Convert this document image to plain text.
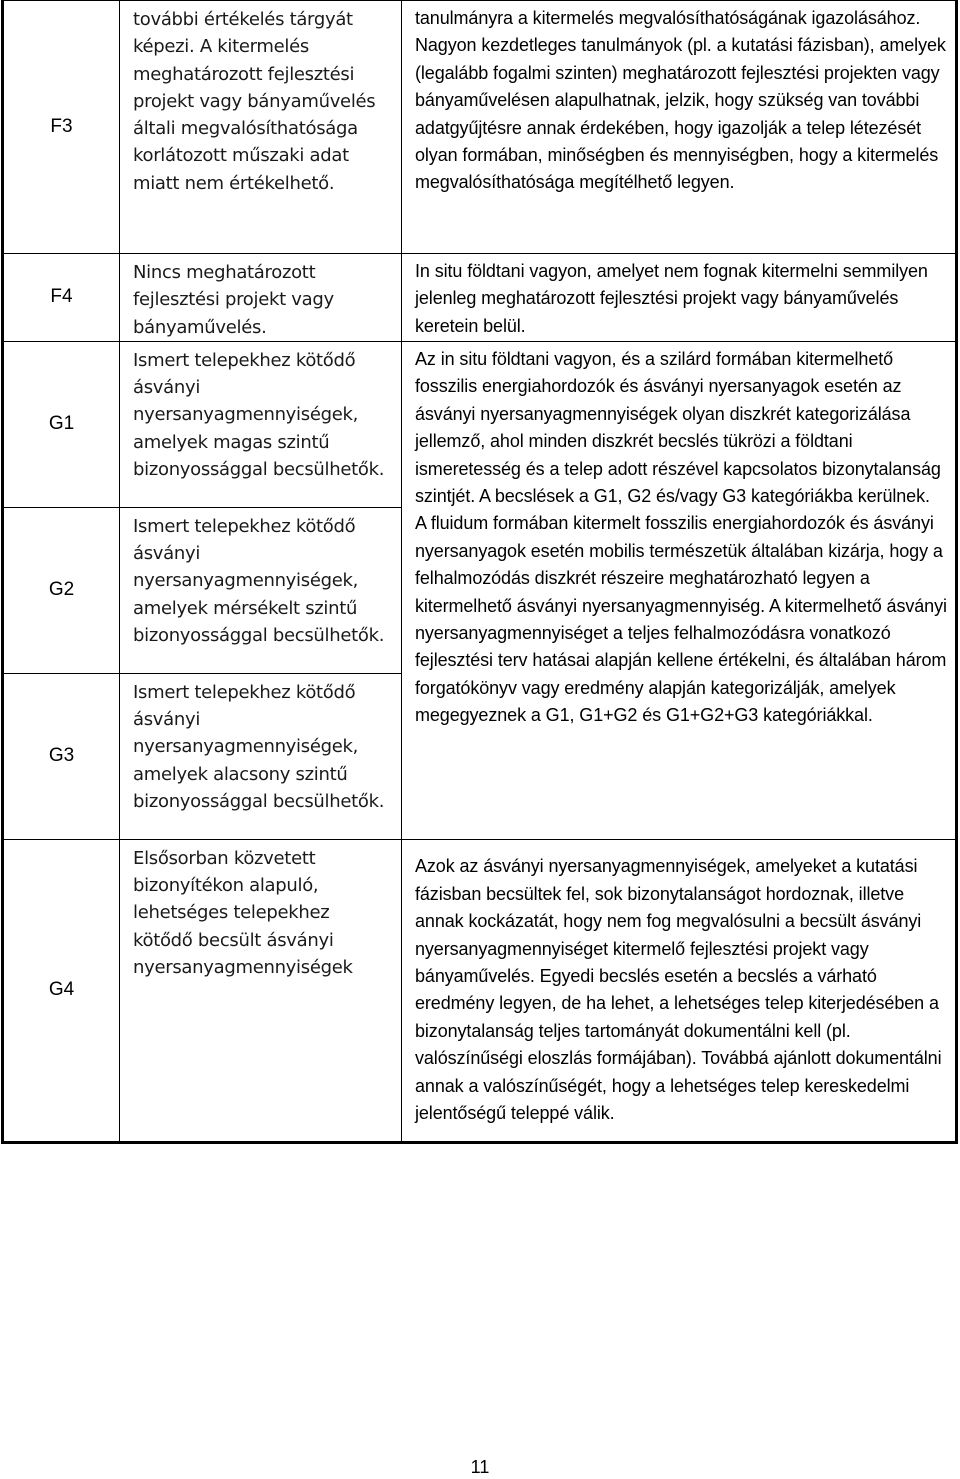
F3	további értékelés tárgyát képezi. A kitermelés meghatározott fejlesztési projekt vagy bányaművelés általi megvalósíthatósága korlátozott műszaki adat miatt nem értékelhető.	tanulmányra a kitermelés megvalósíthatóságának igazolásához. Nagyon kezdetleges tanulmányok (pl. a kutatási fázisban), amelyek (legalább fogalmi szinten) meghatározott fejlesztési projekten vagy bányaművelésen alapulhatnak, jelzik, hogy szükség van további adatgyűjtésre annak érdekében, hogy igazolják a telep létezését olyan formában, minőségben és mennyiségben, hogy a kitermelés megvalósíthatósága megítélhető legyen.
F4	Nincs meghatározott fejlesztési projekt vagy bányaművelés.	In situ földtani vagyon, amelyet nem fognak kitermelni semmilyen jelenleg meghatározott fejlesztési projekt vagy bányaművelés keretein belül.
G1	Ismert telepekhez kötődő ásványi nyersanyagmennyiségek, amelyek magas szintű bizonyossággal becsülhetők.	Az in situ földtani vagyon, és a szilárd formában kitermelhető fosszilis energiahordozók és ásványi nyersanyagok esetén az ásványi nyersanyagmennyiségek olyan diszkrét kategorizálása jellemző, ahol minden diszkrét becslés tükrözi a földtani ismeretesség és a telep adott részével kapcsolatos bizonytalanság szintjét. A becslések a G1, G2 és/vagy G3 kategóriákba kerülnek.
A fluidum formában kitermelt fosszilis energiahordozók és ásványi nyersanyagok esetén mobilis természetük általában kizárja, hogy a felhalmozódás diszkrét részeire meghatározható legyen a kitermelhető ásványi nyersanyagmennyiség. A kitermelhető ásványi nyersanyagmennyiséget a teljes felhalmozódásra vonatkozó fejlesztési terv hatásai alapján kellene értékelni, és általában három forgatókönyv vagy eredmény alapján kategorizálják, amelyek megegyeznek a G1, G1+G2 és G1+G2+G3 kategóriákkal.

G2	Ismert telepekhez kötődő ásványi nyersanyagmennyiségek, amelyek mérsékelt szintű bizonyossággal becsülhetők.	
G3	Ismert telepekhez kötődő ásványi nyersanyagmennyiségek, amelyek alacsony szintű bizonyossággal becsülhetők.	
G4	Elsősorban közvetett bizonyítékon alapuló, lehetséges telepekhez kötődő becsült ásványi nyersanyagmennyiségek	Azok az ásványi nyersanyagmennyiségek, amelyeket a kutatási fázisban becsültek fel, sok bizonytalanságot hordoznak, illetve annak kockázatát, hogy nem fog megvalósulni a becsült ásványi nyersanyagmennyiséget kitermelő fejlesztési projekt vagy bányaművelés. Egyedi becslés esetén a becslés a várható eredmény legyen, de ha lehet, a lehetséges telep kiterjedésében a bizonytalanság teljes tartományát dokumentálni kell (pl. valószínűségi eloszlás formájában). Továbbá ajánlott dokumentálni annak a valószínűségét, hogy a lehetséges telep kereskedelmi jelentőségű teleppé válik.
11
